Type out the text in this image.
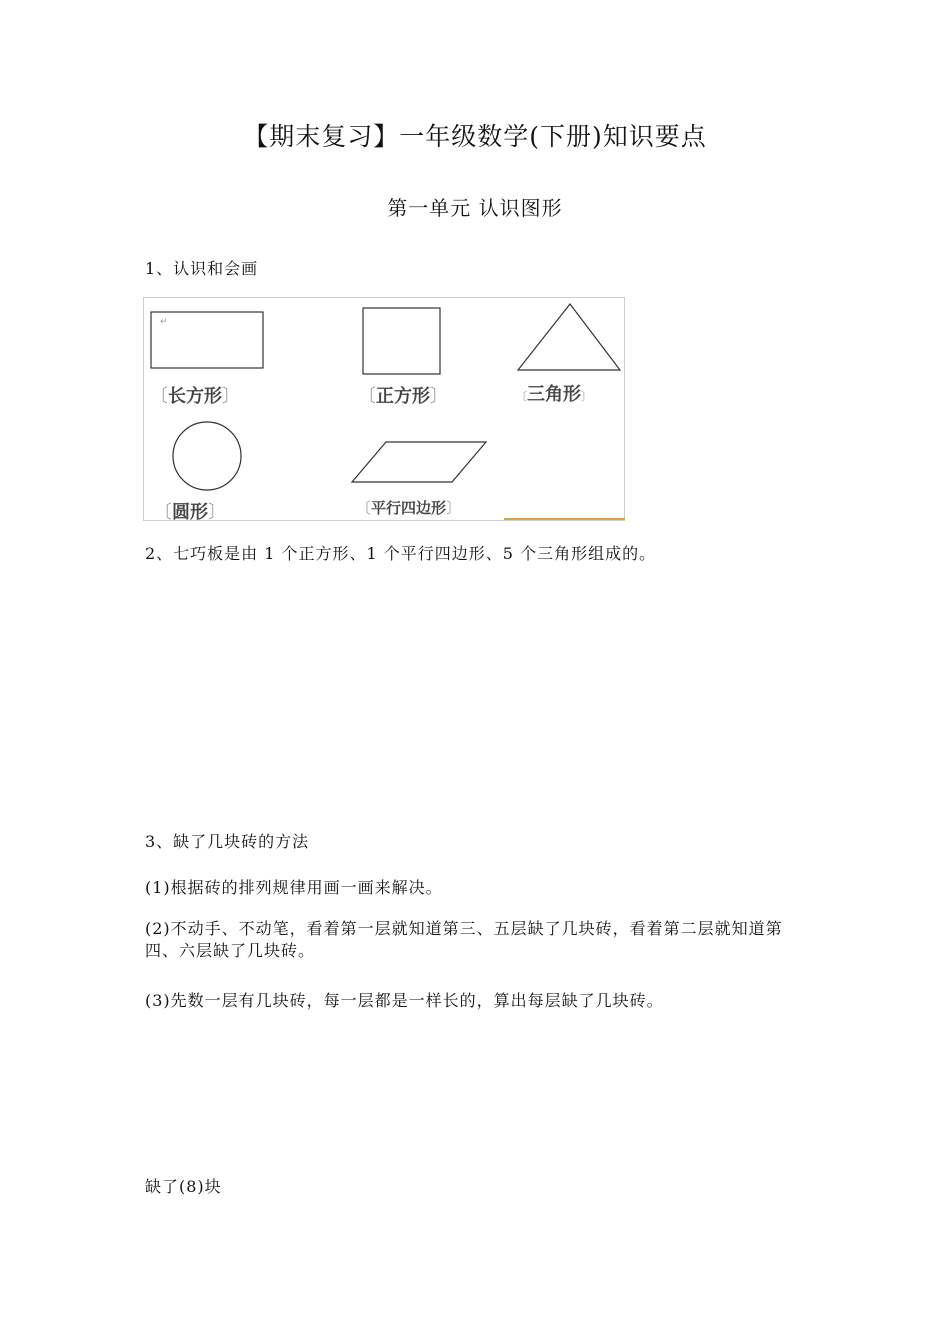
【期末复习】一年级数学(下册)知识要点
第一单元 认识图形
1、认识和会画
↵
〔长方形〕	〔正方形〕	〔三角形〕
〔圆形〕	〔平行四边形〕
2、七巧板是由 1 个正方形、1 个平行四边形、5 个三角形组成的。
3、缺了几块砖的方法
(1)根据砖的排列规律用画一画来解决。
(2)不动手、不动笔，看着第一层就知道第三、五层缺了几块砖，看着第二层就知道第四、六层缺了几块砖。
(3)先数一层有几块砖，每一层都是一样长的，算出每层缺了几块砖。
缺了(8)块
